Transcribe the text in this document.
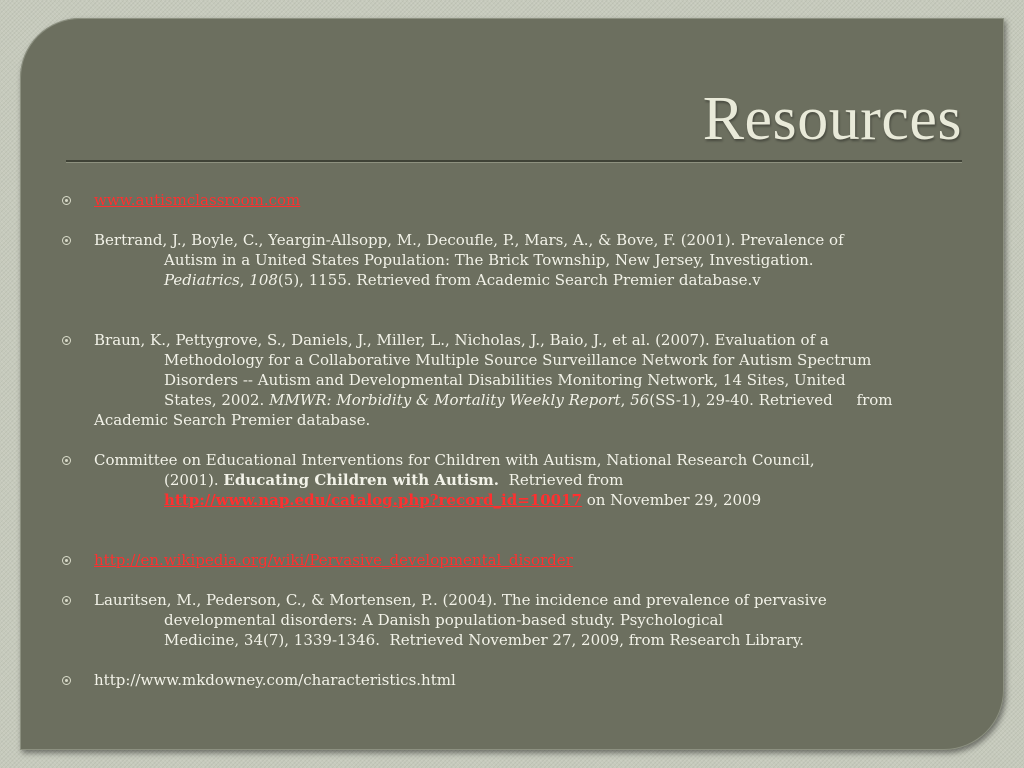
Resources
www.autismclassroom.com
Bertrand, J., Boyle, C., Yeargin-Allsopp, M., Decoufle, P., Mars, A., & Bove, F. (2001). Prevalence of
Autism in a United States Population: The Brick Township, New Jersey, Investigation.
Pediatrics, 108(5), 1155. Retrieved from Academic Search Premier database.v
Braun, K., Pettygrove, S., Daniels, J., Miller, L., Nicholas, J., Baio, J., et al. (2007). Evaluation of a
Methodology for a Collaborative Multiple Source Surveillance Network for Autism Spectrum
Disorders -- Autism and Developmental Disabilities Monitoring Network, 14 Sites, United
States, 2002. MMWR: Morbidity & Mortality Weekly Report, 56(SS-1), 29-40. Retrieved     from
Academic Search Premier database.
Committee on Educational Interventions for Children with Autism, National Research Council,
(2001). Educating Children with Autism.  Retrieved from
http://www.nap.edu/catalog.php?record_id=10017 on November 29, 2009
http://en.wikipedia.org/wiki/Pervasive_developmental_disorder
Lauritsen, M., Pederson, C., & Mortensen, P.. (2004). The incidence and prevalence of pervasive
developmental disorders: A Danish population-based study. Psychological
Medicine, 34(7), 1339-1346.  Retrieved November 27, 2009, from Research Library.
http://www.mkdowney.com/characteristics.html
